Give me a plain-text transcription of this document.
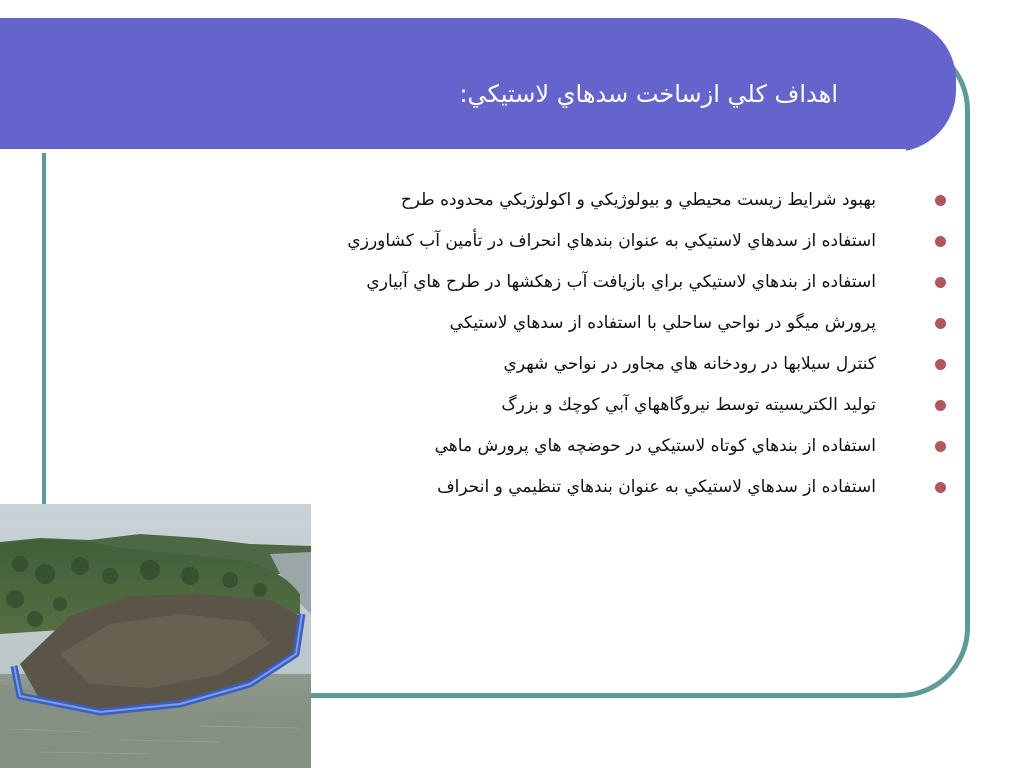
اهداف كلي ازساخت سدهاي لاستيكي:
بهبود شرايط زيست محيطي و بيولوژيكي و اكولوژيكي محدوده طرح
استفاده از سدهاي لاستيكي به عنوان بندهاي انحراف در تأمين آب كشاورزي
استفاده از بندهاي لاستيكي براي بازيافت آب زهكشها در طرح هاي آبياري
پرورش ميگو در نواحي ساحلي با استفاده از سدهاي لاستيكي
كنترل سيلابها در رودخانه هاي مجاور در نواحي شهري
توليد الكتريسيته توسط نيروگاههاي آبي كوچك و بزرگ
استفاده از بندهاي كوتاه لاستيكي در حوضچه هاي پرورش ماهي
استفاده از سدهاي لاستيكي به عنوان بندهاي تنظيمي و انحراف
